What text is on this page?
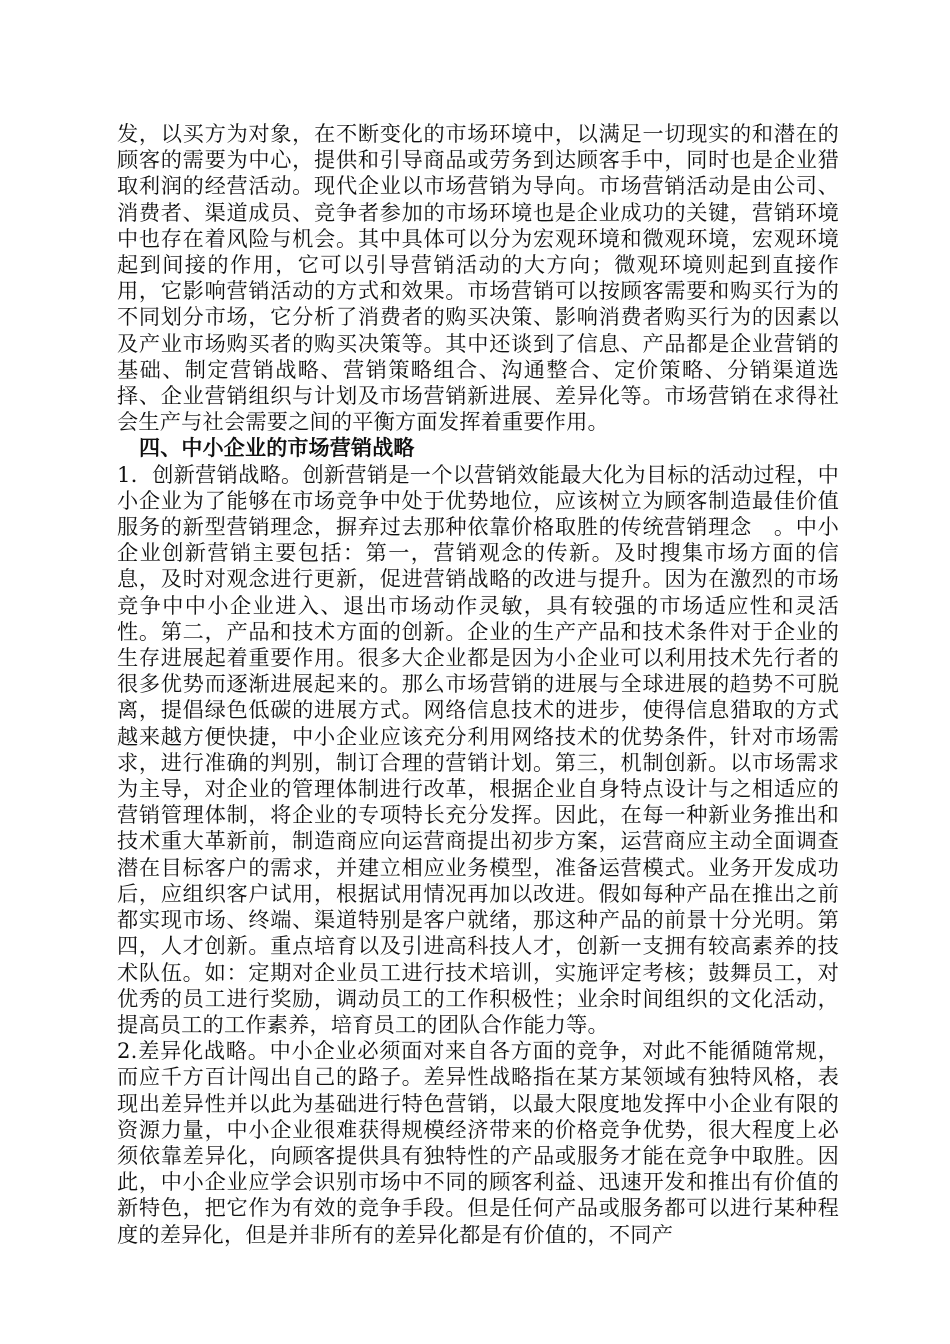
发，以买方为对象，在不断变化的市场环境中，以满足一切现实的和潜在的顾客的需要为中心，提供和引导商品或劳务到达顾客手中，同时也是企业猎取利润的经营活动。现代企业以市场营销为导向。市场营销活动是由公司、消费者、渠道成员、竞争者参加的市场环境也是企业成功的关键，营销环境中也存在着风险与机会。其中具体可以分为宏观环境和微观环境，宏观环境起到间接的作用，它可以引导营销活动的大方向；微观环境则起到直接作用，它影响营销活动的方式和效果。市场营销可以按顾客需要和购买行为的不同划分市场，它分析了消费者的购买决策、影响消费者购买行为的因素以及产业市场购买者的购买决策等。其中还谈到了信息、产品都是企业营销的基础、制定营销战略、营销策略组合、沟通整合、定价策略、分销渠道选择、企业营销组织与计划及市场营销新进展、差异化等。市场营销在求得社会生产与社会需要之间的平衡方面发挥着重要作用。

四、中小企业的市场营销战略

1．创新营销战略。创新营销是一个以营销效能最大化为目标的活动过程，中小企业为了能够在市场竞争中处于优势地位，应该树立为顾客制造最佳价值服务的新型营销理念，摒弃过去那种依靠价格取胜的传统营销理念　。中小企业创新营销主要包括：第一，营销观念的传新。及时搜集市场方面的信息，及时对观念进行更新，促进营销战略的改进与提升。因为在激烈的市场竞争中中小企业进入、退出市场动作灵敏，具有较强的市场适应性和灵活性。第二，产品和技术方面的创新。企业的生产产品和技术条件对于企业的生存进展起着重要作用。很多大企业都是因为小企业可以利用技术先行者的很多优势而逐渐进展起来的。那么市场营销的进展与全球进展的趋势不可脱离，提倡绿色低碳的进展方式。网络信息技术的进步，使得信息猎取的方式越来越方便快捷，中小企业应该充分利用网络技术的优势条件，针对市场需求，进行准确的判别，制订合理的营销计划。第三，机制创新。以市场需求为主导，对企业的管理体制进行改革，根据企业自身特点设计与之相适应的营销管理体制，将企业的专项特长充分发挥。因此，在每一种新业务推出和技术重大革新前，制造商应向运营商提出初步方案，运营商应主动全面调查潜在目标客户的需求，并建立相应业务模型，准备运营模式。业务开发成功后，应组织客户试用，根据试用情况再加以改进。假如每种产品在推出之前都实现市场、终端、渠道特别是客户就绪，那这种产品的前景十分光明。第四，人才创新。重点培育以及引进高科技人才，创新一支拥有较高素养的技术队伍。如：定期对企业员工进行技术培训，实施评定考核；鼓舞员工，对优秀的员工进行奖励，调动员工的工作积极性；业余时间组织的文化活动，提高员工的工作素养，培育员工的团队合作能力等。

2.差异化战略。中小企业必须面对来自各方面的竞争，对此不能循随常规，而应千方百计闯出自己的路子。差异性战略指在某方某领域有独特风格，表现出差异性并以此为基础进行特色营销，以最大限度地发挥中小企业有限的资源力量，中小企业很难获得规模经济带来的价格竞争优势，很大程度上必须依靠差异化，向顾客提供具有独特性的产品或服务才能在竞争中取胜。因此，中小企业应学会识别市场中不同的顾客利益、迅速开发和推出有价值的新特色，把它作为有效的竞争手段。但是任何产品或服务都可以进行某种程度的差异化，但是并非所有的差异化都是有价值的，不同产
